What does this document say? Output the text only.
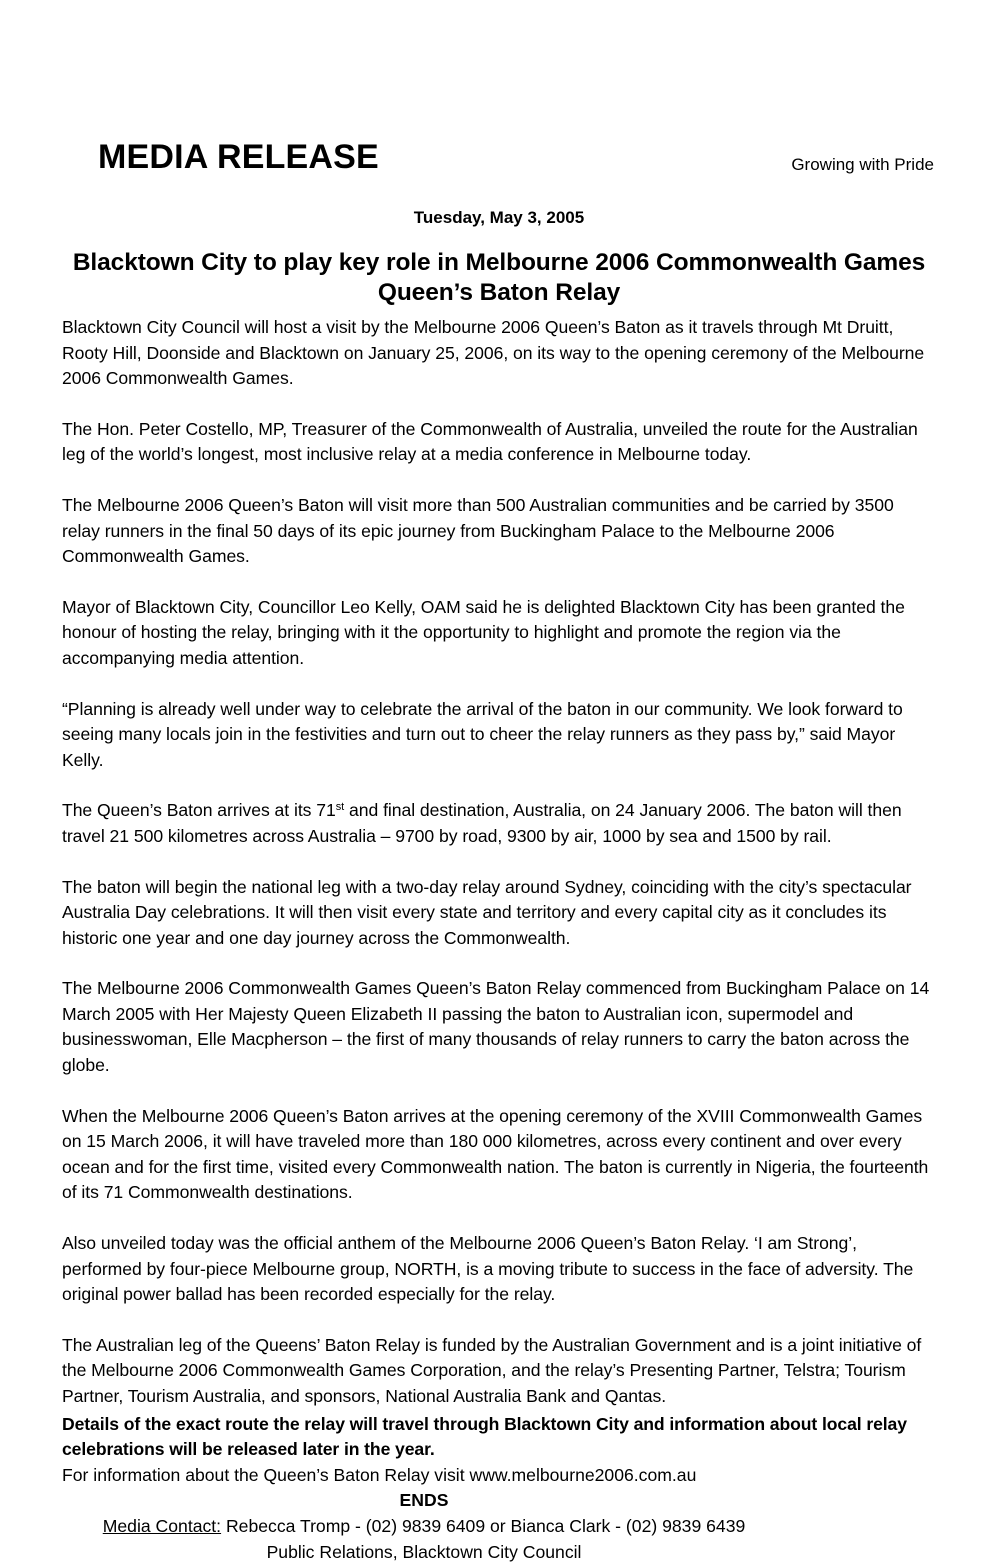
MEDIA RELEASE	Growing with Pride
Tuesday, May 3, 2005
Blacktown City to play key role in Melbourne 2006 Commonwealth Games Queen’s Baton Relay

Blacktown City Council will host a visit by the Melbourne 2006 Queen’s Baton as it travels through Mt Druitt, Rooty Hill, Doonside and Blacktown on January 25, 2006, on its way to the opening ceremony of the Melbourne 2006 Commonwealth Games.

The Hon. Peter Costello, MP, Treasurer of the Commonwealth of Australia, unveiled the route for the Australian leg of the world’s longest, most inclusive relay at a media conference in Melbourne today.

The Melbourne 2006 Queen’s Baton will visit more than 500 Australian communities and be carried by 3500 relay runners in the final 50 days of its epic journey from Buckingham Palace to the Melbourne 2006 Commonwealth Games.

Mayor of Blacktown City, Councillor Leo Kelly, OAM said he is delighted Blacktown City has been granted the honour of hosting the relay, bringing with it the opportunity to highlight and promote the region via the accompanying media attention.

“Planning is already well under way to celebrate the arrival of the baton in our community. We look forward to seeing many locals join in the festivities and turn out to cheer the relay runners as they pass by,” said Mayor Kelly.

The Queen’s Baton arrives at its 71st and final destination, Australia, on 24 January 2006. The baton will then travel 21 500 kilometres across Australia – 9700 by road, 9300 by air, 1000 by sea and 1500 by rail.

The baton will begin the national leg with a two-day relay around Sydney, coinciding with the city’s spectacular Australia Day celebrations. It will then visit every state and territory and every capital city as it concludes its historic one year and one day journey across the Commonwealth.

The Melbourne 2006 Commonwealth Games Queen’s Baton Relay commenced from Buckingham Palace on 14 March 2005 with Her Majesty Queen Elizabeth II passing the baton to Australian icon, supermodel and businesswoman, Elle Macpherson – the first of many thousands of relay runners to carry the baton across the globe.

When the Melbourne 2006 Queen’s Baton arrives at the opening ceremony of the XVIII Commonwealth Games on 15 March 2006, it will have traveled more than 180 000 kilometres, across every continent and over every ocean and for the first time, visited every Commonwealth nation. The baton is currently in Nigeria, the fourteenth of its 71 Commonwealth destinations.

Also unveiled today was the official anthem of the Melbourne 2006 Queen’s Baton Relay. ‘I am Strong’, performed by four-piece Melbourne group, NORTH, is a moving tribute to success in the face of adversity. The original power ballad has been recorded especially for the relay.

The Australian leg of the Queens’ Baton Relay is funded by the Australian Government and is a joint initiative of the Melbourne 2006 Commonwealth Games Corporation, and the relay’s Presenting Partner, Telstra; Tourism Partner, Tourism Australia, and sponsors, National Australia Bank and Qantas.

Details of the exact route the relay will travel through Blacktown City and information about local relay celebrations will be released later in the year.

For information about the Queen’s Baton Relay visit www.melbourne2006.com.au

ENDS

Media Contact: Rebecca Tromp - (02) 9839 6409 or Bianca Clark - (02) 9839 6439

Public Relations, Blacktown City Council
